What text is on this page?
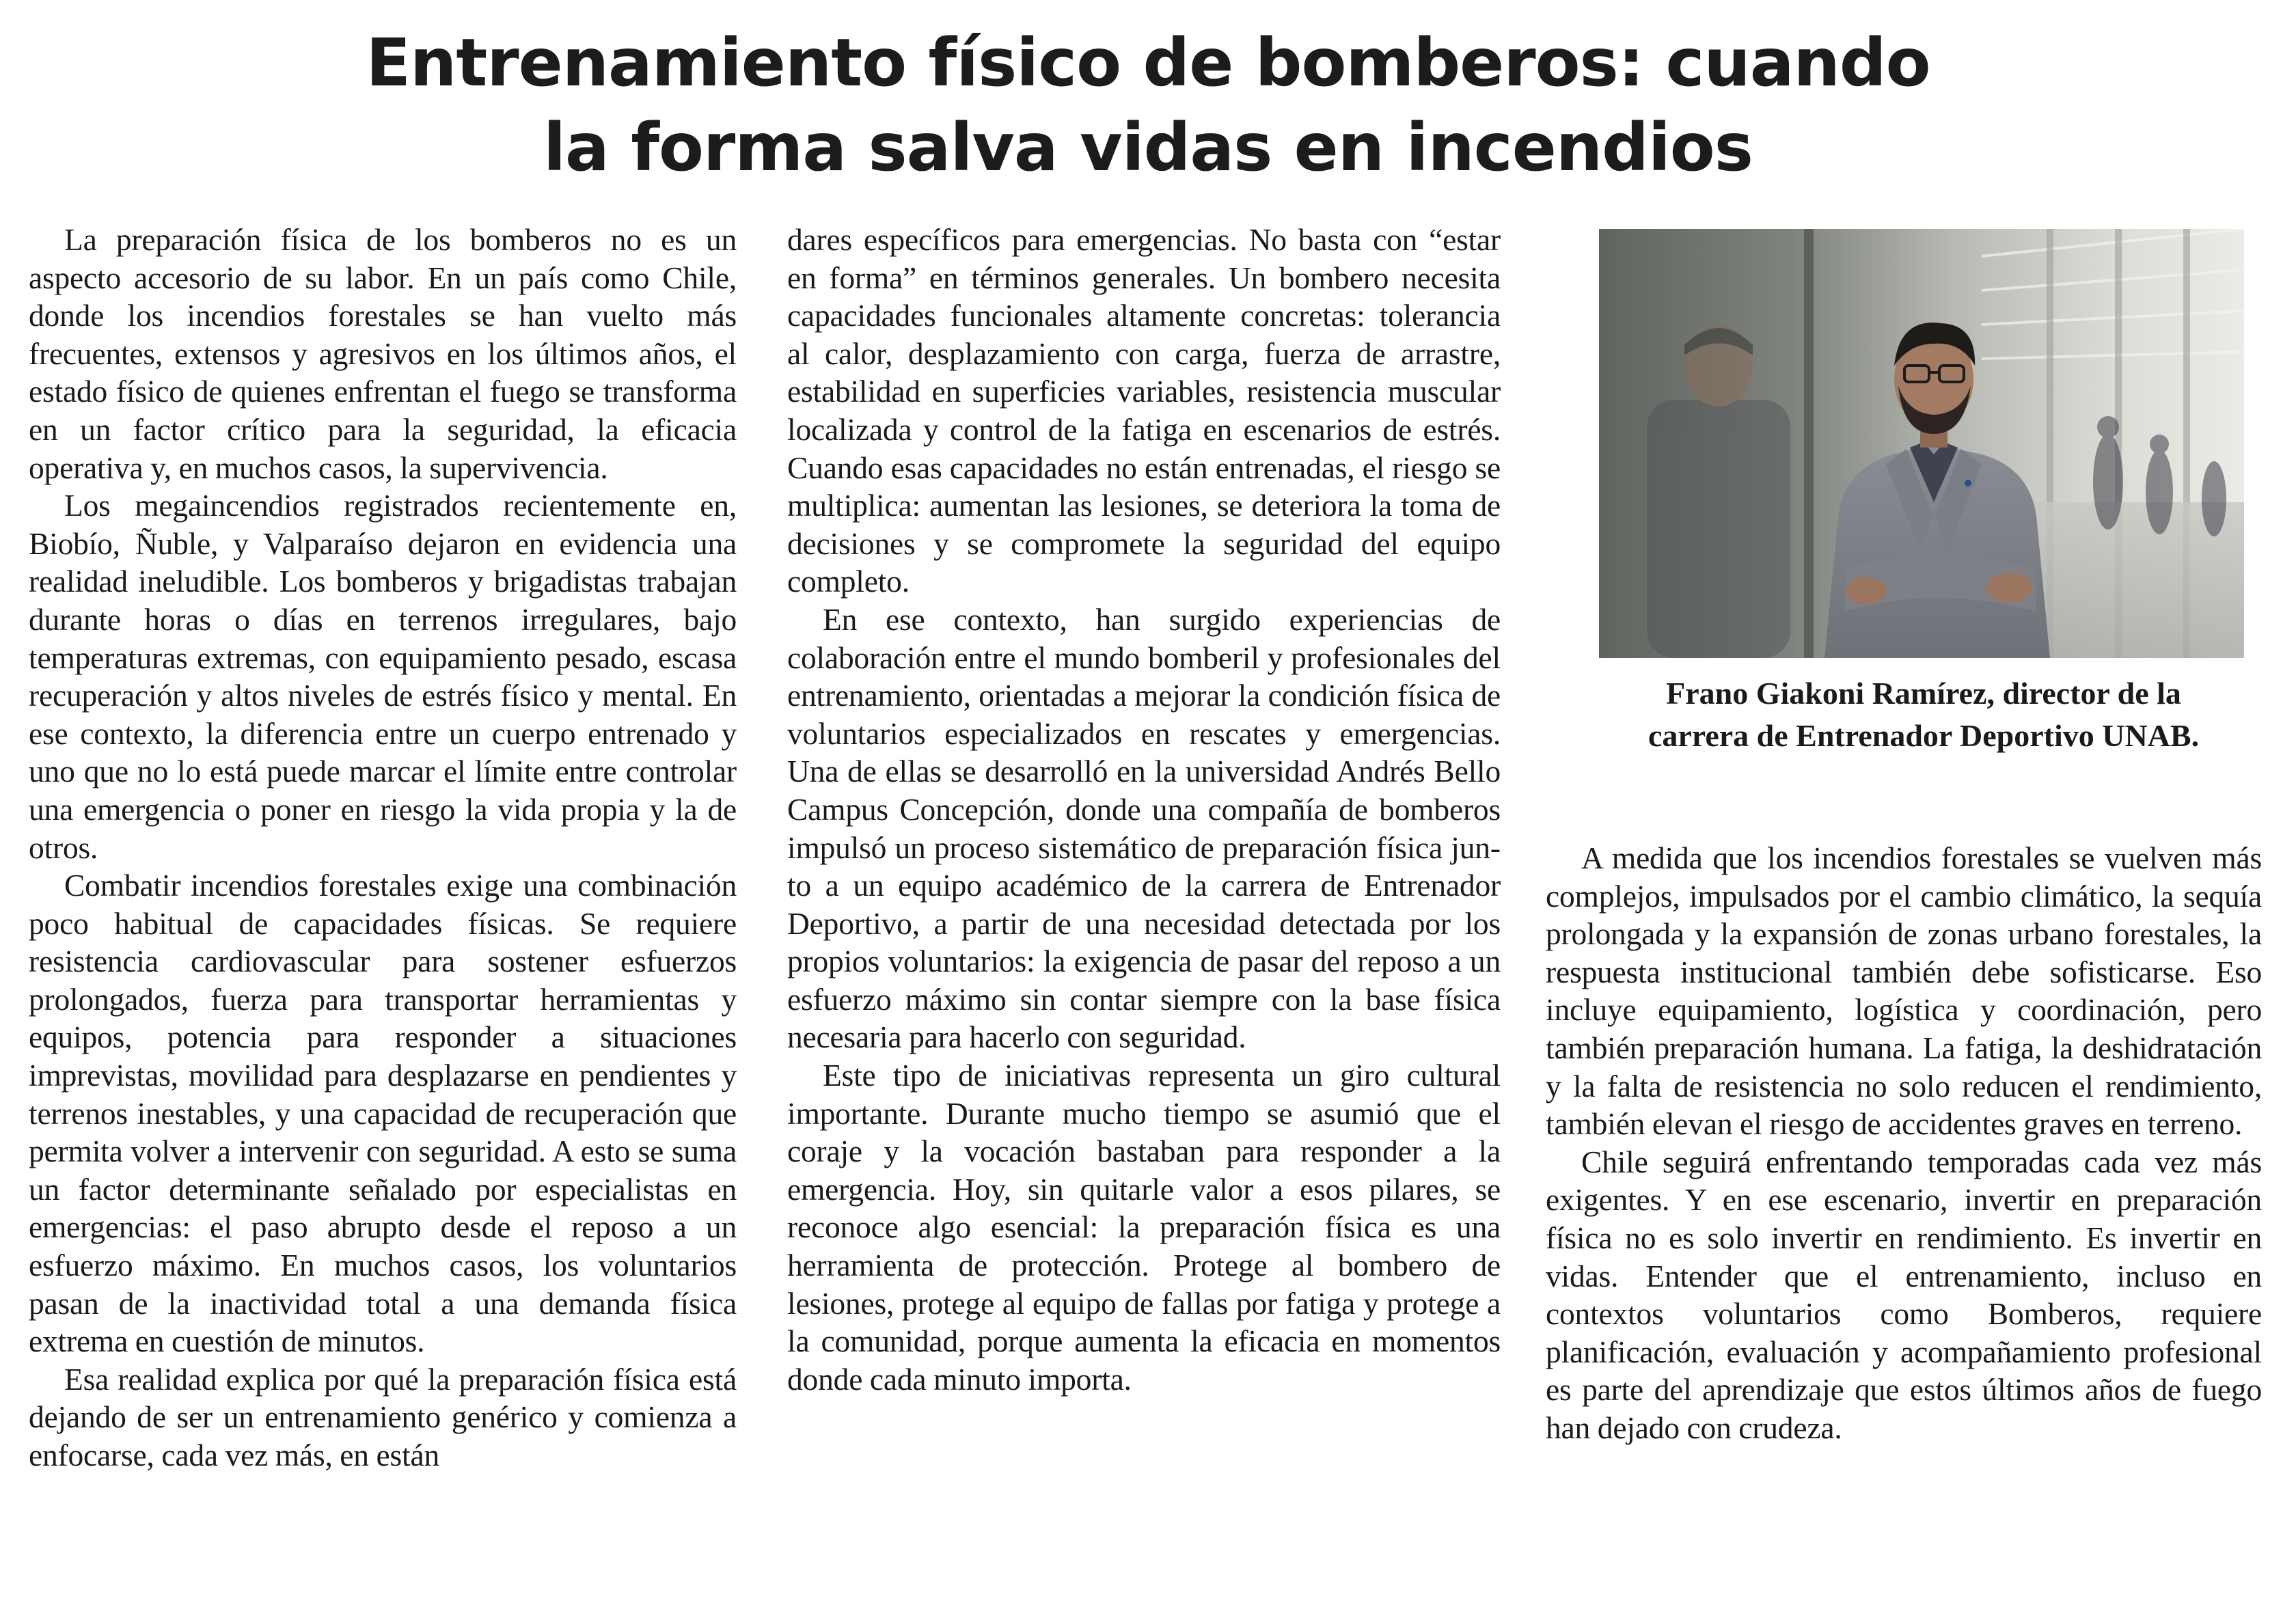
Entrenamiento físico de bomberos: cuando
la forma salva vidas en incendios

La preparación física de los bomberos no es un aspecto accesorio de su labor. En un país como Chile, donde los incendios forestales se han vuelto más frecuentes, extensos y agresivos en los últimos años, el estado físico de quienes enfrentan el fuego se transforma en un factor crítico para la seguridad, la eficacia operativa y, en muchos casos, la supervivencia.

Los megaincendios registrados recientemente en, Biobío, Ñuble, y Valparaíso dejaron en evidencia una realidad ineludible. Los bomberos y brigadistas trabajan durante horas o días en terrenos irregulares, bajo temperaturas extremas, con equipamiento pesado, escasa recuperación y altos niveles de estrés físico y mental. En ese contexto, la diferencia entre un cuerpo entrenado y uno que no lo está puede marcar el límite entre controlar una emergencia o poner en riesgo la vida propia y la de otros.

Combatir incendios forestales exige una combinación poco habitual de capacidades físicas. Se requiere resistencia cardiovascular para sostener esfuerzos prolongados, fuerza para transportar herramientas y equipos, potencia para responder a situaciones imprevistas, movilidad para desplazarse en pendientes y terrenos inestables, y una capacidad de recuperación que permita volver a intervenir con seguridad. A esto se suma un factor determinante señalado por especialistas en emergencias: el paso abrupto desde el reposo a un esfuerzo máximo. En muchos casos, los voluntarios pasan de la inactividad total a una demanda física extrema en cuestión de minutos.

Esa realidad explica por qué la preparación física está dejando de ser un entrenamiento genérico y comienza a enfocarse, cada vez más, en están

dares específicos para emergencias. No basta con “estar en forma” en términos generales. Un bombero necesita capacidades funcionales altamente concretas: tolerancia al calor, desplazamiento con carga, fuerza de arrastre, estabilidad en superficies variables, resistencia muscular localizada y control de la fatiga en escenarios de estrés. Cuando esas capacidades no están entrenadas, el riesgo se multiplica: aumentan las lesiones, se deteriora la toma de decisiones y se compromete la seguridad del equipo completo.

En ese contexto, han surgido experiencias de colaboración entre el mundo bomberil y profesionales del entrenamiento, orientadas a mejorar la condición física de voluntarios especializados en rescates y emergencias. Una de ellas se desarrolló en la universidad Andrés Bello Campus Concepción, donde una compañía de bomberos impulsó un proceso sistemático de preparación física junto a un equipo académico de la carrera de Entrenador Deportivo, a partir de una necesidad detectada por los propios voluntarios: la exigencia de pasar del reposo a un esfuerzo máximo sin contar siempre con la base física necesaria para hacerlo con seguridad.

Este tipo de iniciativas representa un giro cultural importante. Durante mucho tiempo se asumió que el coraje y la vocación bastaban para responder a la emergencia. Hoy, sin quitarle valor a esos pilares, se reconoce algo esencial: la preparación física es una herramienta de protección. Protege al bombero de lesiones, protege al equipo de fallas por fatiga y protege a la comunidad, porque aumenta la eficacia en momentos donde cada minuto importa.

Frano Giakoni Ramírez, director de la
carrera de Entrenador Deportivo UNAB.

A medida que los incendios forestales se vuelven más complejos, impulsados por el cambio climático, la sequía prolongada y la expansión de zonas urbano forestales, la respuesta institucional también debe sofisticarse. Eso incluye equipamiento, logística y coordinación, pero también preparación humana. La fatiga, la deshidratación y la falta de resistencia no solo reducen el rendimiento, también elevan el riesgo de accidentes graves en terreno.

Chile seguirá enfrentando temporadas cada vez más exigentes. Y en ese escenario, invertir en preparación física no es solo invertir en rendimiento. Es invertir en vidas. Entender que el entrenamiento, incluso en contextos voluntarios como Bomberos, requiere planificación, evaluación y acompañamiento profesional es parte del aprendizaje que estos últimos años de fuego han dejado con crudeza.
